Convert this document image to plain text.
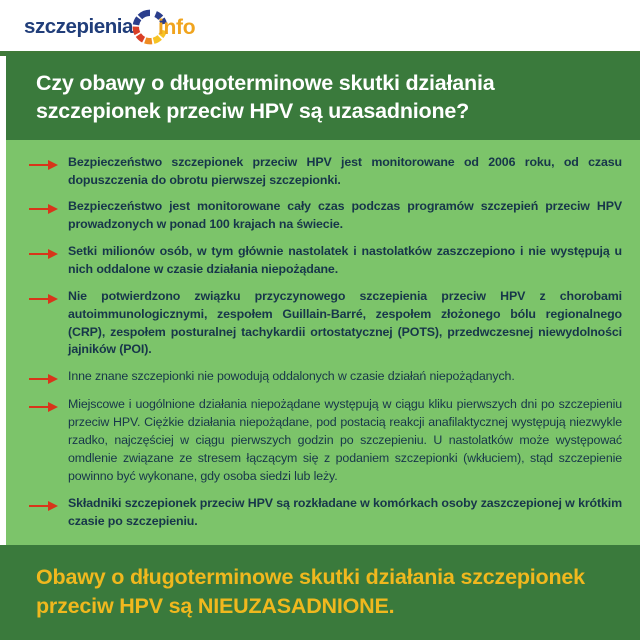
szczepienia info
Czy obawy o długoterminowe skutki działania szczepionek przeciw HPV są uzasadnione?
Bezpieczeństwo szczepionek przeciw HPV jest monitorowane od 2006 roku, od czasu dopuszczenia do obrotu pierwszej szczepionki.
Bezpieczeństwo jest monitorowane cały czas podczas programów szczepień przeciw HPV prowadzonych w ponad 100 krajach na świecie.
Setki milionów osób, w tym głównie nastolatek i nastolatków zaszczepiono i nie występują u nich oddalone w czasie działania niepożądane.
Nie potwierdzono związku przyczynowego szczepienia przeciw HPV z chorobami autoimmunologicznymi, zespołem Guillain-Barré, zespołem złożonego bólu regionalnego (CRP), zespołem posturalnej tachykardii ortostatycznej (POTS), przedwczesnej niewydolności jajników (POI).
Inne znane szczepionki nie powodują oddalonych w czasie działań niepożądanych.
Miejscowe i uogólnione działania niepożądane występują w ciągu kliku pierwszych dni po szczepieniu przeciw HPV. Ciężkie działania niepożądane, pod postacią reakcji anafilaktycznej występują niezwykle rzadko, najczęściej w ciągu pierwszych godzin po szczepieniu. U nastolatków może występować omdlenie związane ze stresem łączącym się z podaniem szczepionki (wkłuciem), stąd szczepienie powinno być wykonane, gdy osoba siedzi lub leży.
Składniki szczepionek przeciw HPV są rozkładane w komórkach osoby zaszczepionej w krótkim czasie po szczepieniu.
Obawy o długoterminowe skutki działania szczepionek przeciw HPV są NIEUZASADNIONE.
